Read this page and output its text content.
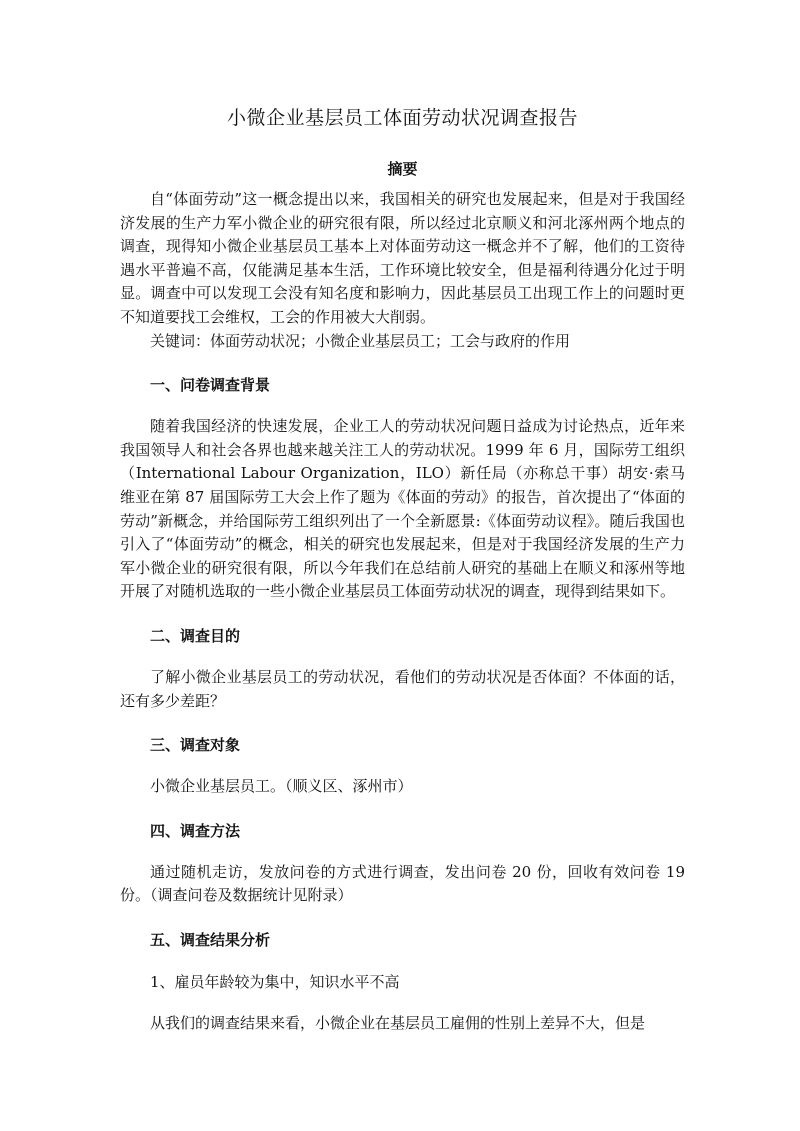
小微企业基层员工体面劳动状况调查报告
摘要

自“体面劳动”这一概念提出以来，我国相关的研究也发展起来，但是对于我国经济发展的生产力军小微企业的研究很有限，所以经过北京顺义和河北涿州两个地点的调查，现得知小微企业基层员工基本上对体面劳动这一概念并不了解，他们的工资待遇水平普遍不高，仅能满足基本生活，工作环境比较安全，但是福利待遇分化过于明显。调查中可以发现工会没有知名度和影响力，因此基层员工出现工作上的问题时更不知道要找工会维权，工会的作用被大大削弱。

关键词：体面劳动状况；小微企业基层员工；工会与政府的作用

一、问卷调查背景

随着我国经济的快速发展，企业工人的劳动状况问题日益成为讨论热点，近年来我国领导人和社会各界也越来越关注工人的劳动状况。1999 年 6 月，国际劳工组织（International Labour Organization，ILO）新任局（亦称总干事）胡安·索马维亚在第 87 届国际劳工大会上作了题为《体面的劳动》的报告，首次提出了“体面的劳动”新概念，并给国际劳工组织列出了一个全新愿景:《体面劳动议程》。随后我国也引入了“体面劳动”的概念，相关的研究也发展起来，但是对于我国经济发展的生产力军小微企业的研究很有限，所以今年我们在总结前人研究的基础上在顺义和涿州等地开展了对随机选取的一些小微企业基层员工体面劳动状况的调查，现得到结果如下。

二、调查目的

了解小微企业基层员工的劳动状况，看他们的劳动状况是否体面？不体面的话，还有多少差距？

三、调查对象

小微企业基层员工。（顺义区、涿州市）

四、调查方法

通过随机走访，发放问卷的方式进行调查，发出问卷 20 份，回收有效问卷 19 份。（调查问卷及数据统计见附录）

五、调查结果分析
1、雇员年龄较为集中，知识水平不高

从我们的调查结果来看，小微企业在基层员工雇佣的性别上差异不大，但是
